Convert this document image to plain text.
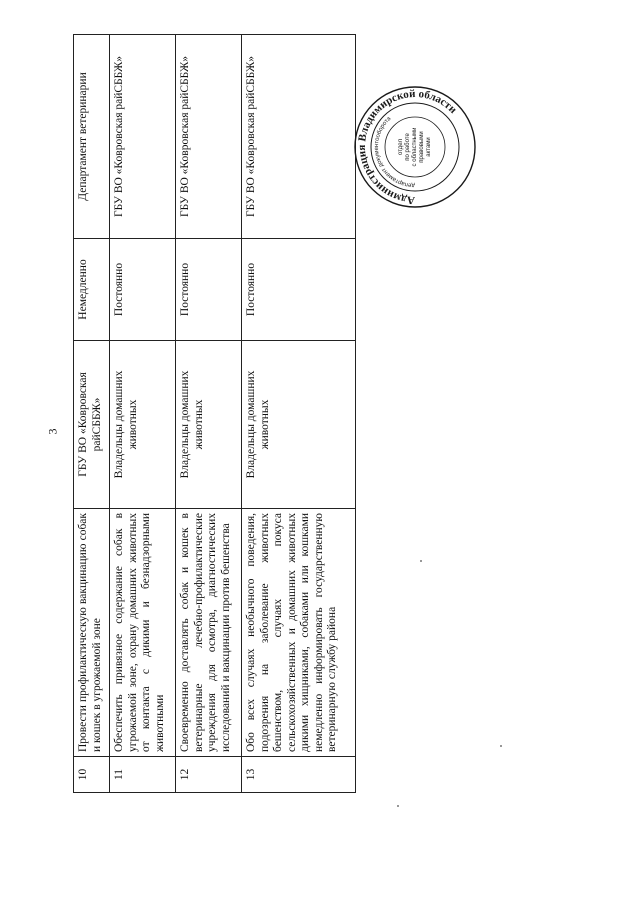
3
10	Провести профилактическую вакцинацию собак и кошек в угрожаемой зоне	ГБУ ВО «Ковровская райСББЖ»	Немедленно	Департамент ветеринарии
11	Обеспечить привязное содержание собак в угрожаемой зоне, охрану домашних животных от контакта с дикими и безнадзорными животными	Владельцы домашних животных	Постоянно	ГБУ ВО «Ковровская райСББЖ»
12	Своевременно доставлять собак и кошек в ветеринарные лечебно-профилактические учреждения для осмотра, диагностических исследований и вакцинации против бешенства	Владельцы домашних животных	Постоянно	ГБУ ВО «Ковровская райСББЖ»
13	Обо всех случаях необычного поведения, подозрения на заболевание животных бешенством, случаях покуса сельскохозяйственных и домашних животных дикими хищниками, собаками или кошками немедленно информировать государственную ветеринарную службу района	Владельцы домашних животных	Постоянно	ГБУ ВО «Ковровская райСББЖ»	Администрация Владимирской области
департамент документооборота
отдел по работе с областными правовыми актами
